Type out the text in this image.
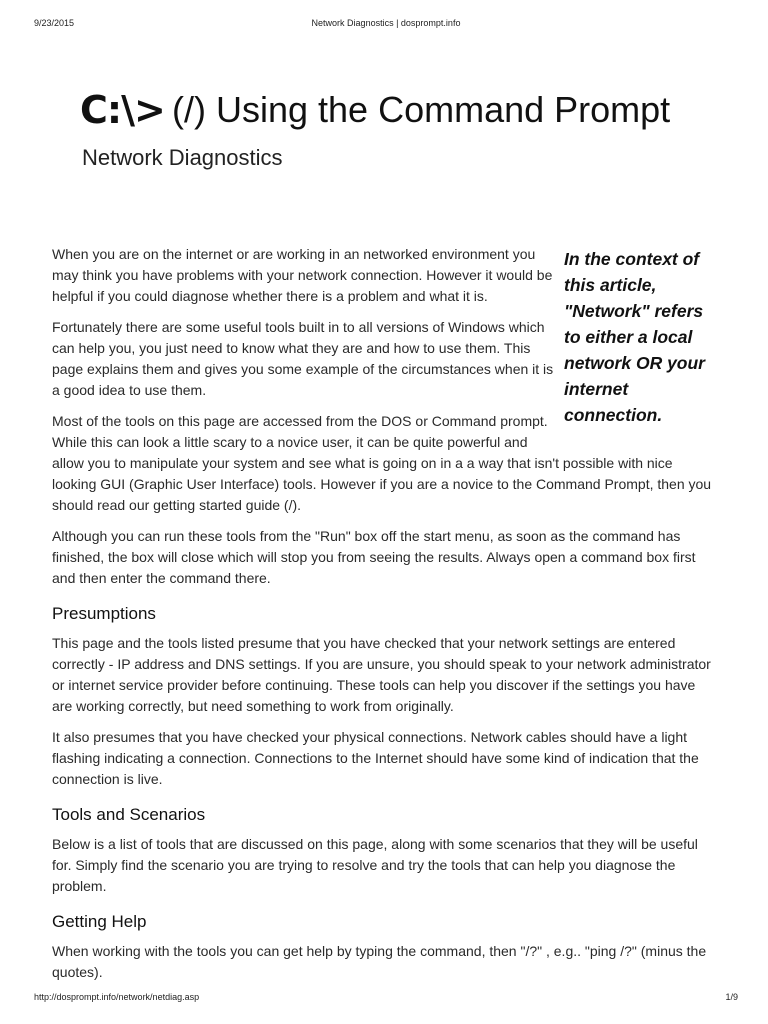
9/23/2015	Network Diagnostics | dosprompt.info
C:\> (/) Using the Command Prompt
Network Diagnostics
In the context of this article, "Network" refers to either a local network OR your internet connection.

When you are on the internet or are working in an networked environment you may think you have problems with your network connection. However it would be helpful if you could diagnose whether there is a problem and what it is.

Fortunately there are some useful tools built in to all versions of Windows which can help you, you just need to know what they are and how to use them. This page explains them and gives you some example of the circumstances when it is a good idea to use them.

Most of the tools on this page are accessed from the DOS or Command prompt. While this can look a little scary to a novice user, it can be quite powerful and allow you to manipulate your system and see what is going on in a a way that isn't possible with nice looking GUI (Graphic User Interface) tools. However if you are a novice to the Command Prompt, then you should read our getting started guide (/).

Although you can run these tools from the "Run" box off the start menu, as soon as the command has finished, the box will close which will stop you from seeing the results. Always open a command box first and then enter the command there.

Presumptions

This page and the tools listed presume that you have checked that your network settings are entered correctly - IP address and DNS settings. If you are unsure, you should speak to your network administrator or internet service provider before continuing. These tools can help you discover if the settings you have are working correctly, but need something to work from originally.

It also presumes that you have checked your physical connections. Network cables should have a light flashing indicating a connection. Connections to the Internet should have some kind of indication that the connection is live.

Tools and Scenarios

Below is a list of tools that are discussed on this page, along with some scenarios that they will be useful for. Simply find the scenario you are trying to resolve and try the tools that can help you diagnose the problem.

Getting Help

When working with the tools you can get help by typing the command, then "/?" , e.g.. "ping /?" (minus the quotes).

http://dosprompt.info/network/netdiag.asp	1/9
